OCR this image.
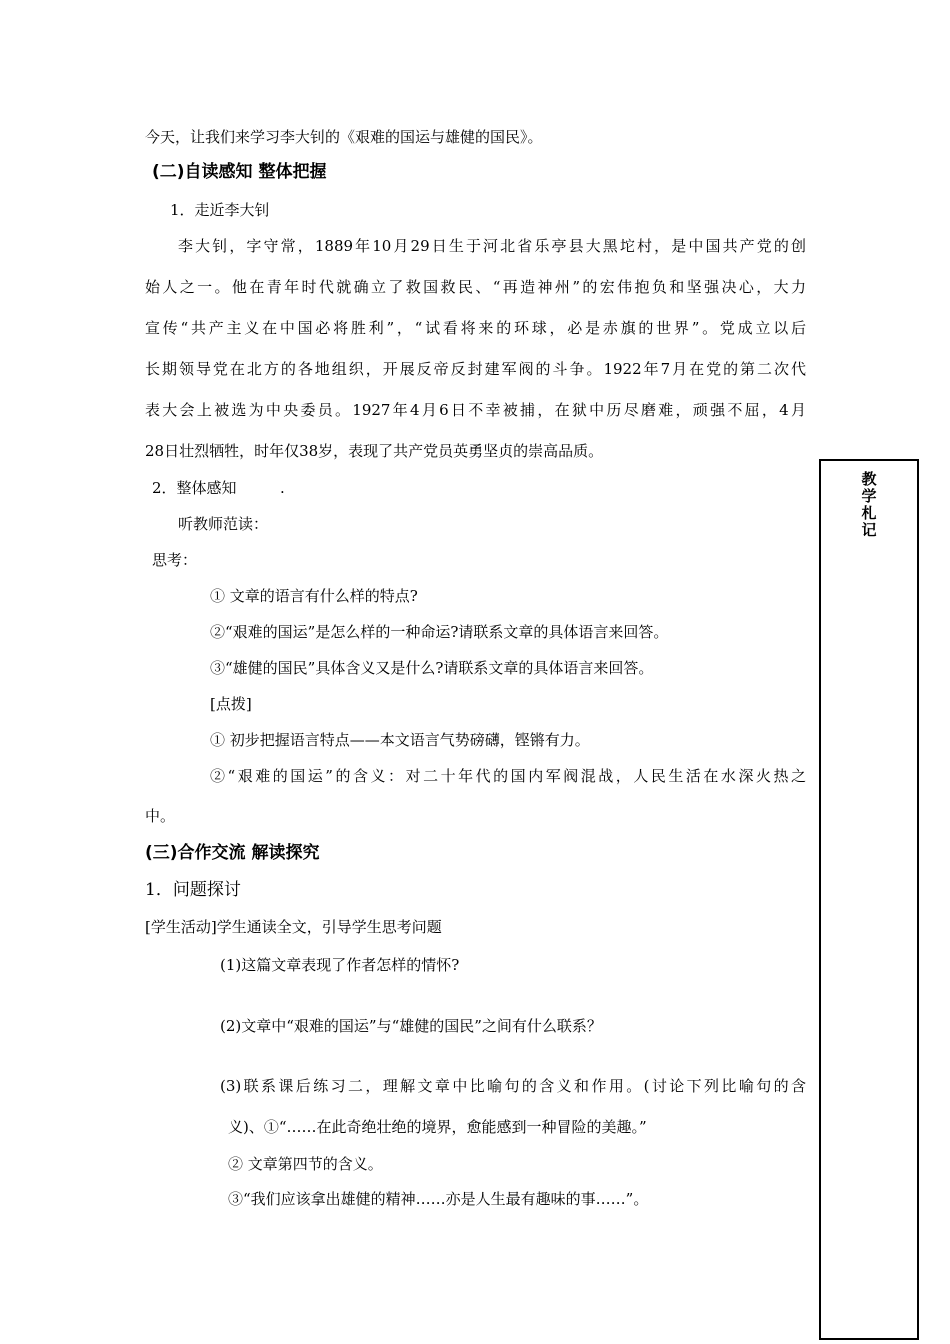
今天，让我们来学习李大钊的《艰难的国运与雄健的国民》。
(二)自读感知 整体把握
1．走近李大钊
李大钊，字守常，1889年10月29日生于河北省乐亭县大黑坨村，是中国共产党的创
始人之一。他在青年时代就确立了救国救民、“再造神州”的宏伟抱负和坚强决心，大力
宣传“共产主义在中国必将胜利”，“试看将来的环球，必是赤旗的世界”。党成立以后
长期领导党在北方的各地组织，开展反帝反封建军阀的斗争。1922年7月在党的第二次代
表大会上被选为中央委员。1927年4月6日不幸被捕，在狱中历尽磨难，顽强不屈，4月
28日壮烈牺牲，时年仅38岁，表现了共产党员英勇坚贞的崇高品质。
2．整体感知	.
听教师范读：
思考：
① 文章的语言有什么样的特点?
②“艰难的国运”是怎么样的一种命运?请联系文章的具体语言来回答。
③“雄健的国民”具体含义又是什么?请联系文章的具体语言来回答。
[点拨]
① 初步把握语言特点——本文语言气势磅礴，铿锵有力。
②“艰难的国运”的含义：对二十年代的国内军阀混战，人民生活在水深火热之
中。
(三)合作交流 解读探究
1．问题探讨
[学生活动]学生通读全文，引导学生思考问题
(1)这篇文章表现了作者怎样的情怀?
(2)文章中“艰难的国运”与“雄健的国民”之间有什么联系？
(3)联系课后练习二，理解文章中比喻句的含义和作用。(讨论下列比喻句的含
义)、①“……在此奇绝壮绝的境界，愈能感到一种冒险的美趣。”
② 文章第四节的含义。
③“我们应该拿出雄健的精神……亦是人生最有趣味的事……”。
教
学
札
记
